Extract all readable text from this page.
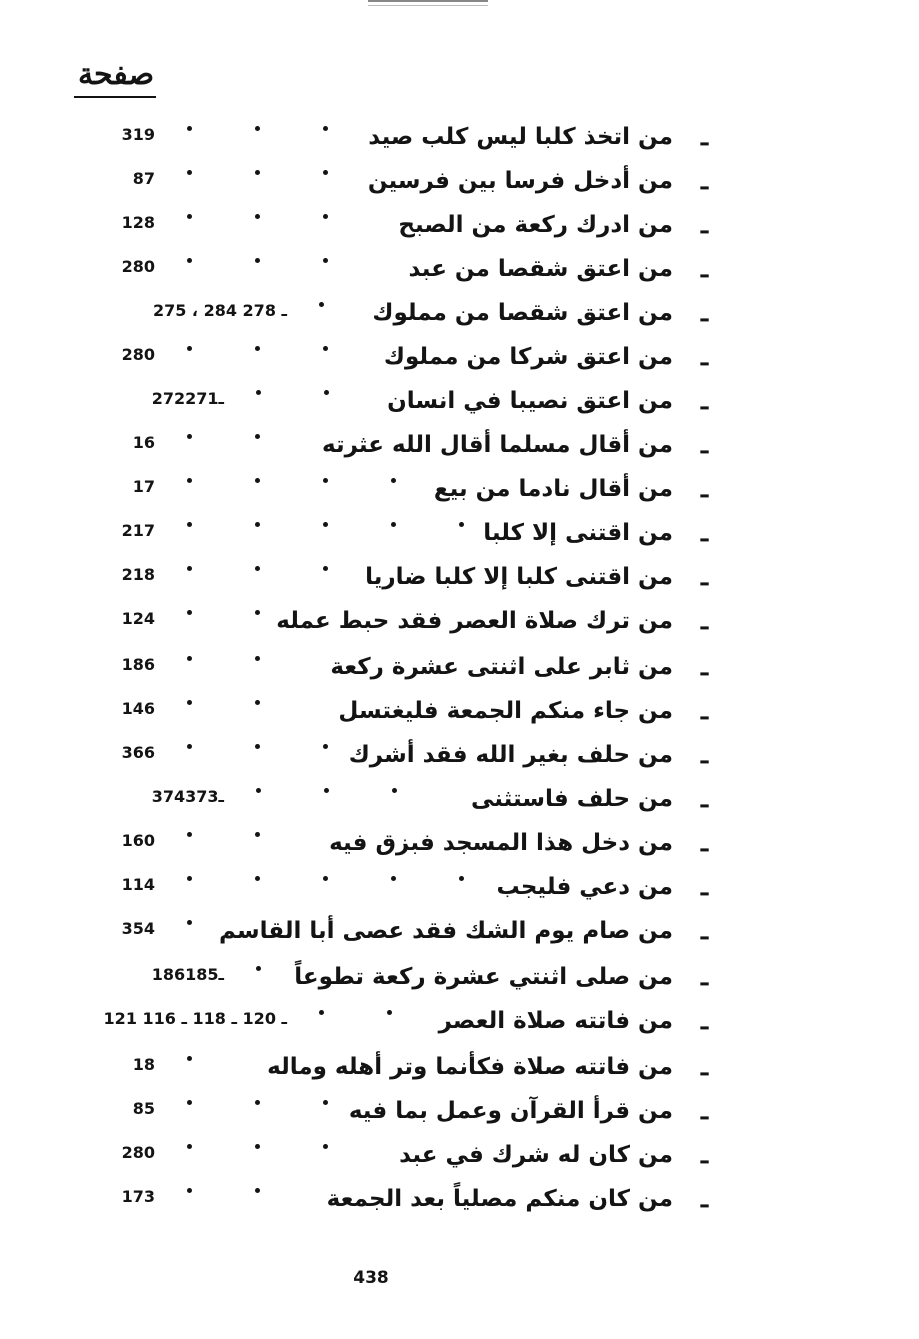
صفحة
ـ
من اتخذ كلبا ليس كلب صيد
319
ـ
من أدخل فرسا بين فرسين
87
ـ
من ادرك ركعة من الصبح
128
ـ
من اعتق شقصا من عبد
280
ـ
من اعتق شقصا من مملوك
275 ، 284 ـ 278
ـ
من اعتق شركا من مملوك
280
ـ
من اعتق نصيبا في انسان
272ـ271
ـ
من أقال مسلما أقال الله عثرته
16
ـ
من أقال نادما من بيع
17
ـ
من اقتنى إلا كلبا
217
ـ
من اقتنى كلبا إلا كلبا ضاريا
218
ـ
من ترك صلاة العصر فقد حبط عمله
124
ـ
من ثابر على اثنتى عشرة ركعة
186
ـ
من جاء منكم الجمعة فليغتسل
146
ـ
من حلف بغير الله فقد أشرك
366
ـ
من حلف فاستثنى
374ـ373
ـ
من دخل هذا المسجد فبزق فيه
160
ـ
من دعي فليجب
114
ـ
من صام يوم الشك فقد عصى أبا القاسم
354
ـ
من صلى اثنتي عشرة ركعة تطوعاً
186ـ185
ـ
من فاتته صلاة العصر
121 ـ 120 ـ 118 ـ 116
ـ
من فاتته صلاة فكأنما وتر أهله وماله
18
ـ
من قرأ القرآن وعمل بما فيه
85
ـ
من كان له شرك في عبد
280
ـ
من كان منكم مصلياً بعد الجمعة
173
438
